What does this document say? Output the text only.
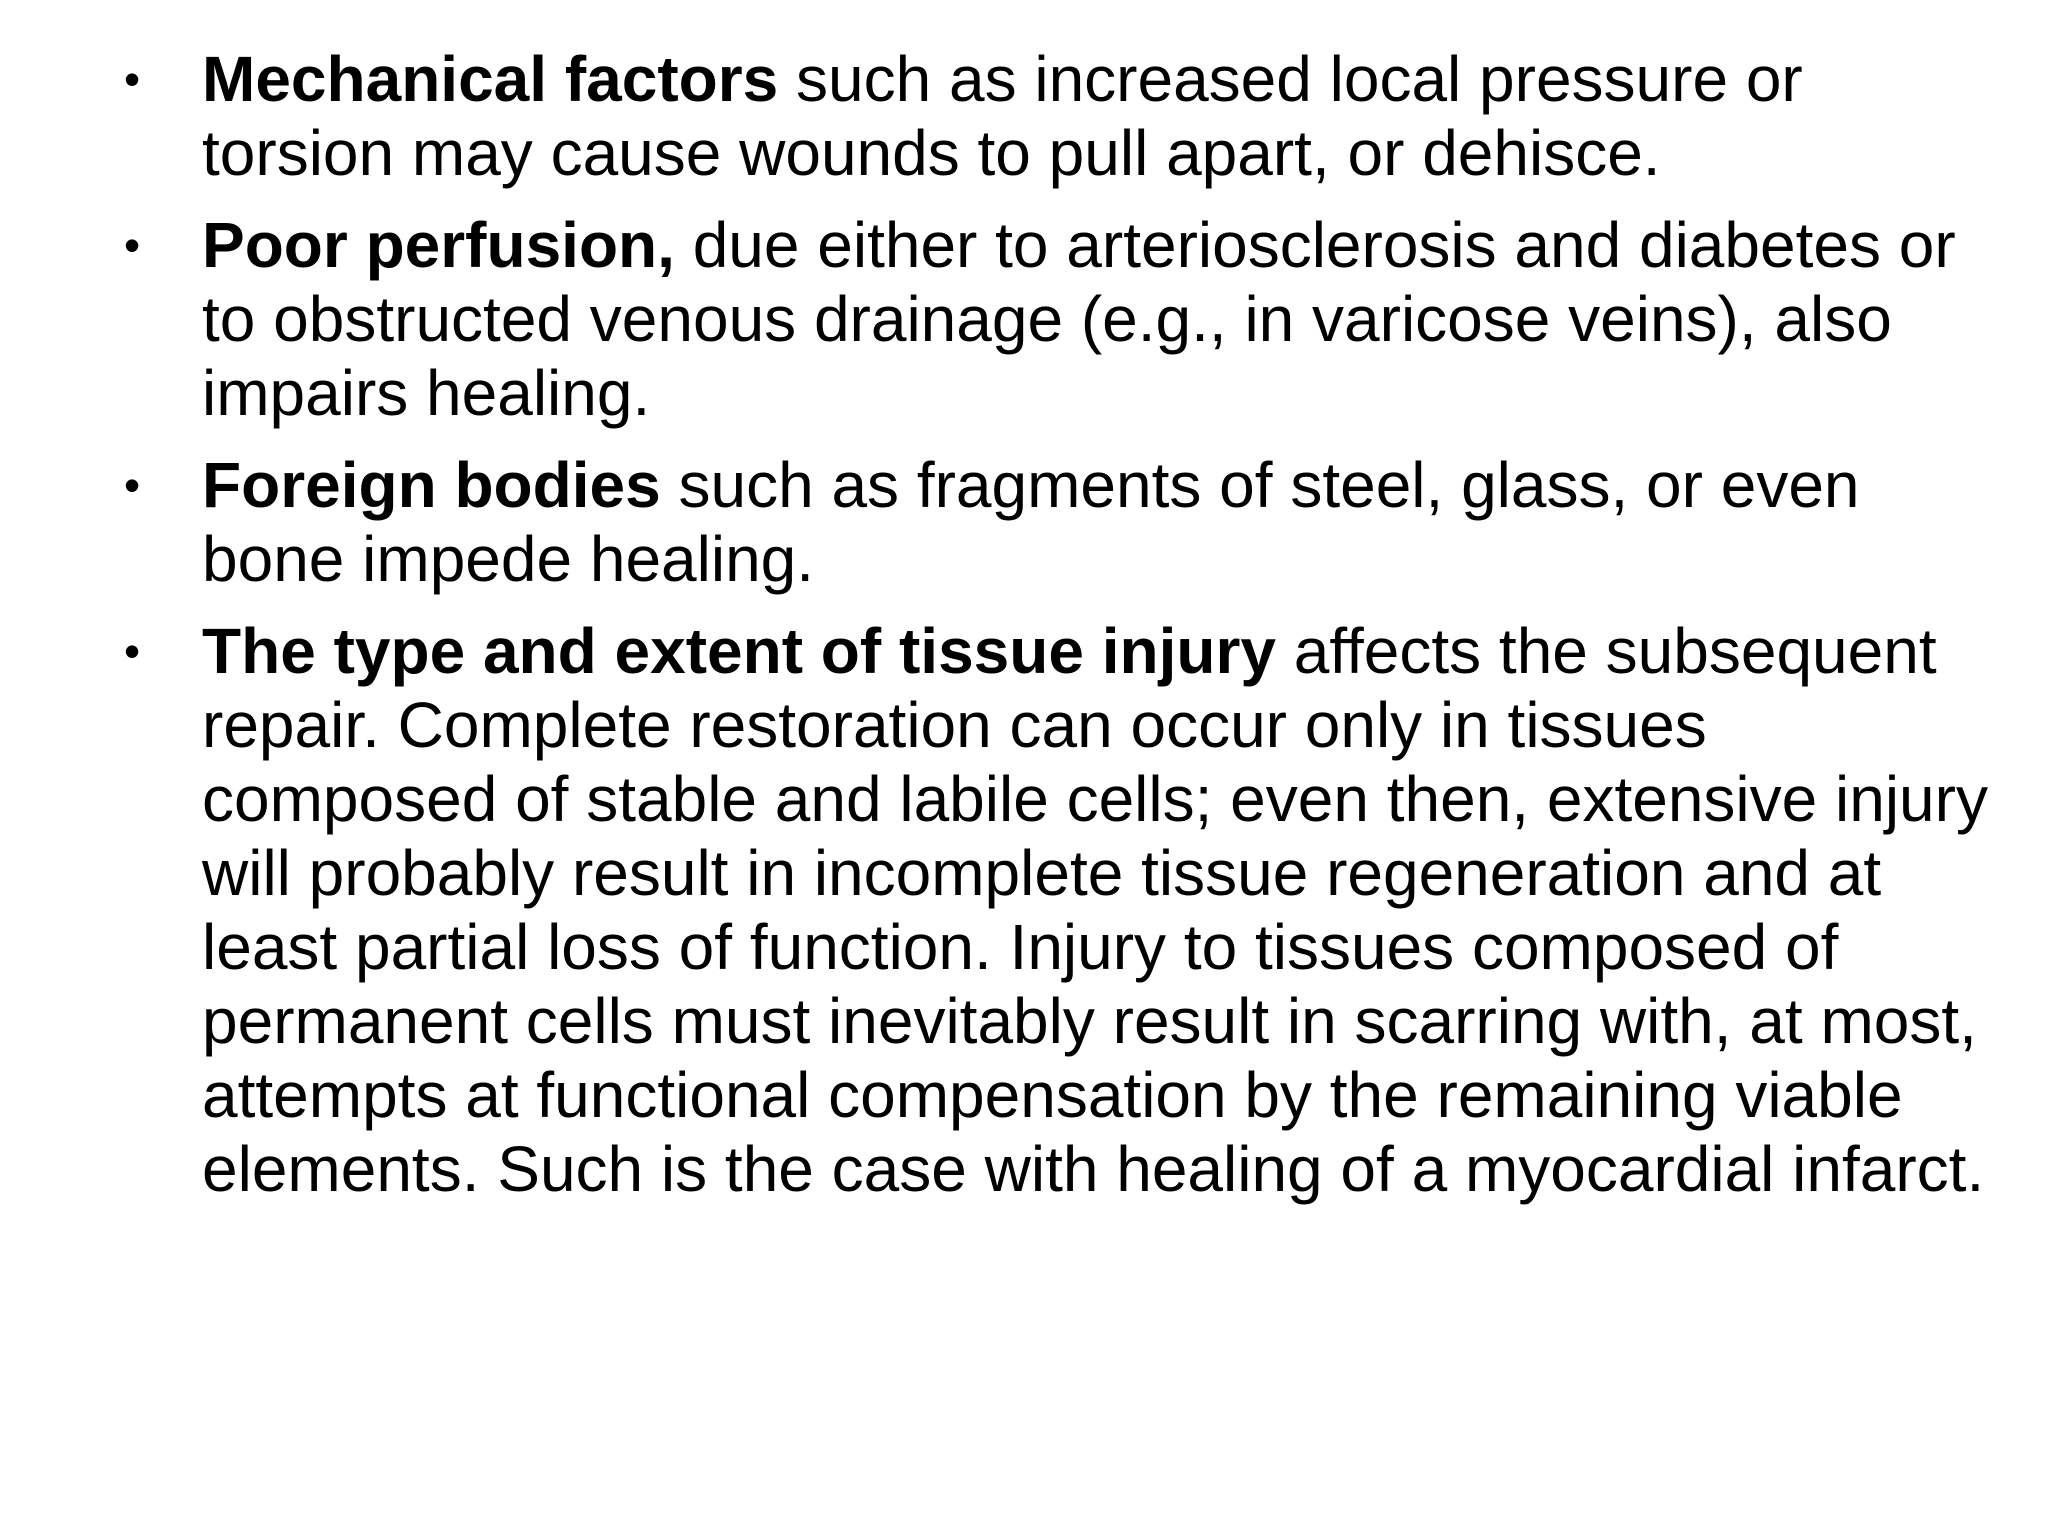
• Mechanical factors such as increased local pressure or torsion may cause wounds to pull apart, or dehisce.
• Poor perfusion, due either to arteriosclerosis and diabetes or to obstructed venous drainage (e.g., in varicose veins), also impairs healing.
• Foreign bodies such as fragments of steel, glass, or even bone impede healing.
• The type and extent of tissue injury affects the subsequent repair. Complete restoration can occur only in tissues composed of stable and labile cells; even then, extensive injury will probably result in incomplete tissue regeneration and at least partial loss of function. Injury to tissues composed of permanent cells must inevitably result in scarring with, at most, attempts at functional compensation by the remaining viable elements. Such is the case with healing of a myocardial infarct.
